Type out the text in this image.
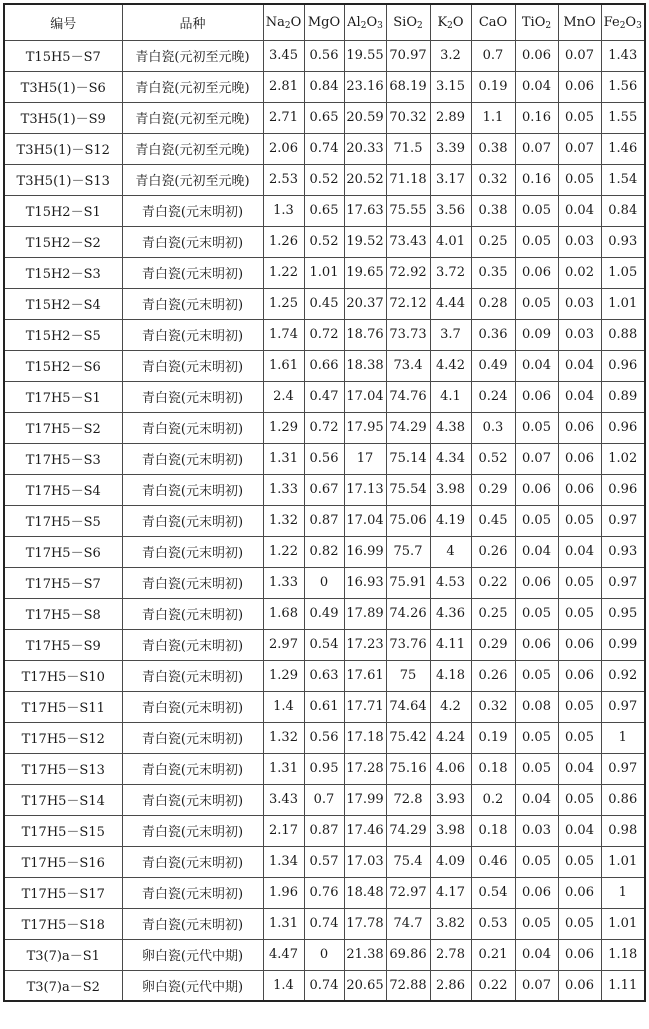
编号	品种	$Na_2O$	MgO	$Al_2O_3$	SiO$_2$	$K_2O$	CaO	TiO$_2$	MnO	$Fe_2O_3$
T15H5－S7	青白瓷(元初至元晚)	3.45	0.56	19.55	70.97	3.2	0.7	0.06	0.07	1.43
T3H5(1)－S6	青白瓷(元初至元晚)	2.81	0.84	23.16	68.19	3.15	0.19	0.04	0.06	1.56
T3H5(1)－S9	青白瓷(元初至元晚)	2.71	0.65	20.59	70.32	2.89	1.1	0.16	0.05	1.55
T3H5(1)－S12	青白瓷(元初至元晚)	2.06	0.74	20.33	71.5	3.39	0.38	0.07	0.07	1.46
T3H5(1)－S13	青白瓷(元初至元晚)	2.53	0.52	20.52	71.18	3.17	0.32	0.16	0.05	1.54
T15H2－S1	青白瓷(元末明初)	1.3	0.65	17.63	75.55	3.56	0.38	0.05	0.04	0.84
T15H2－S2	青白瓷(元末明初)	1.26	0.52	19.52	73.43	4.01	0.25	0.05	0.03	0.93
T15H2－S3	青白瓷(元末明初)	1.22	1.01	19.65	72.92	3.72	0.35	0.06	0.02	1.05
T15H2－S4	青白瓷(元末明初)	1.25	0.45	20.37	72.12	4.44	0.28	0.05	0.03	1.01
T15H2－S5	青白瓷(元末明初)	1.74	0.72	18.76	73.73	3.7	0.36	0.09	0.03	0.88
T15H2－S6	青白瓷(元末明初)	1.61	0.66	18.38	73.4	4.42	0.49	0.04	0.04	0.96
T17H5－S1	青白瓷(元末明初)	2.4	0.47	17.04	74.76	4.1	0.24	0.06	0.04	0.89
T17H5－S2	青白瓷(元末明初)	1.29	0.72	17.95	74.29	4.38	0.3	0.05	0.06	0.96
T17H5－S3	青白瓷(元末明初)	1.31	0.56	17	75.14	4.34	0.52	0.07	0.06	1.02
T17H5－S4	青白瓷(元末明初)	1.33	0.67	17.13	75.54	3.98	0.29	0.06	0.06	0.96
T17H5－S5	青白瓷(元末明初)	1.32	0.87	17.04	75.06	4.19	0.45	0.05	0.05	0.97
T17H5－S6	青白瓷(元末明初)	1.22	0.82	16.99	75.7	4	0.26	0.04	0.04	0.93
T17H5－S7	青白瓷(元末明初)	1.33	0	16.93	75.91	4.53	0.22	0.06	0.05	0.97
T17H5－S8	青白瓷(元末明初)	1.68	0.49	17.89	74.26	4.36	0.25	0.05	0.05	0.95
T17H5－S9	青白瓷(元末明初)	2.97	0.54	17.23	73.76	4.11	0.29	0.06	0.06	0.99
T17H5－S10	青白瓷(元末明初)	1.29	0.63	17.61	75	4.18	0.26	0.05	0.06	0.92
T17H5－S11	青白瓷(元末明初)	1.4	0.61	17.71	74.64	4.2	0.32	0.08	0.05	0.97
T17H5－S12	青白瓷(元末明初)	1.32	0.56	17.18	75.42	4.24	0.19	0.05	0.05	1
T17H5－S13	青白瓷(元末明初)	1.31	0.95	17.28	75.16	4.06	0.18	0.05	0.04	0.97
T17H5－S14	青白瓷(元末明初)	3.43	0.7	17.99	72.8	3.93	0.2	0.04	0.05	0.86
T17H5－S15	青白瓷(元末明初)	2.17	0.87	17.46	74.29	3.98	0.18	0.03	0.04	0.98
T17H5－S16	青白瓷(元末明初)	1.34	0.57	17.03	75.4	4.09	0.46	0.05	0.05	1.01
T17H5－S17	青白瓷(元末明初)	1.96	0.76	18.48	72.97	4.17	0.54	0.06	0.06	1
T17H5－S18	青白瓷(元末明初)	1.31	0.74	17.78	74.7	3.82	0.53	0.05	0.05	1.01
T3(7)a－S1	卵白瓷(元代中期)	4.47	0	21.38	69.86	2.78	0.21	0.04	0.06	1.18
T3(7)a－S2	卵白瓷(元代中期)	1.4	0.74	20.65	72.88	2.86	0.22	0.07	0.06	1.11
